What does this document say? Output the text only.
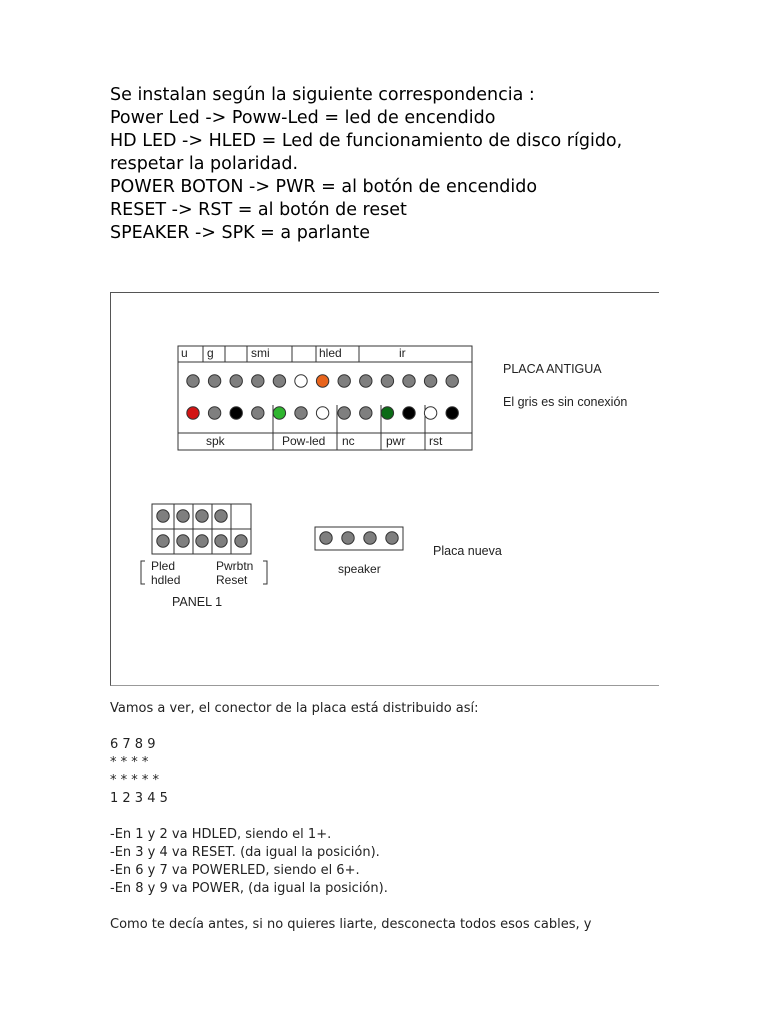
Se instalan según la siguiente correspondencia :
Power Led -> Poww-Led = led de encendido
HD LED -> HLED = Led de funcionamiento de disco rígido,
respetar la polaridad.
POWER BOTON -> PWR = al botón de encendido
RESET -> RST = al botón de reset
SPEAKER -> SPK = a parlante
u g	smi	hled	ir
spk	Pow-led nc	pwr rst
PLACA ANTIGUA
El gris es sin conexión
Pled
hdled
Pwrbtn
Reset
PANEL 1
speaker
Placa nueva
Vamos a ver, el conector de la placa está distribuido así:
6 7 8 9
* * * *
* * * * *
1 2 3 4 5
-En 1 y 2 va HDLED, siendo el 1+.
-En 3 y 4 va RESET. (da igual la posición).
-En 6 y 7 va POWERLED, siendo el 6+.
-En 8 y 9 va POWER, (da igual la posición).
Como te decía antes, si no quieres liarte, desconecta todos esos cables, y
